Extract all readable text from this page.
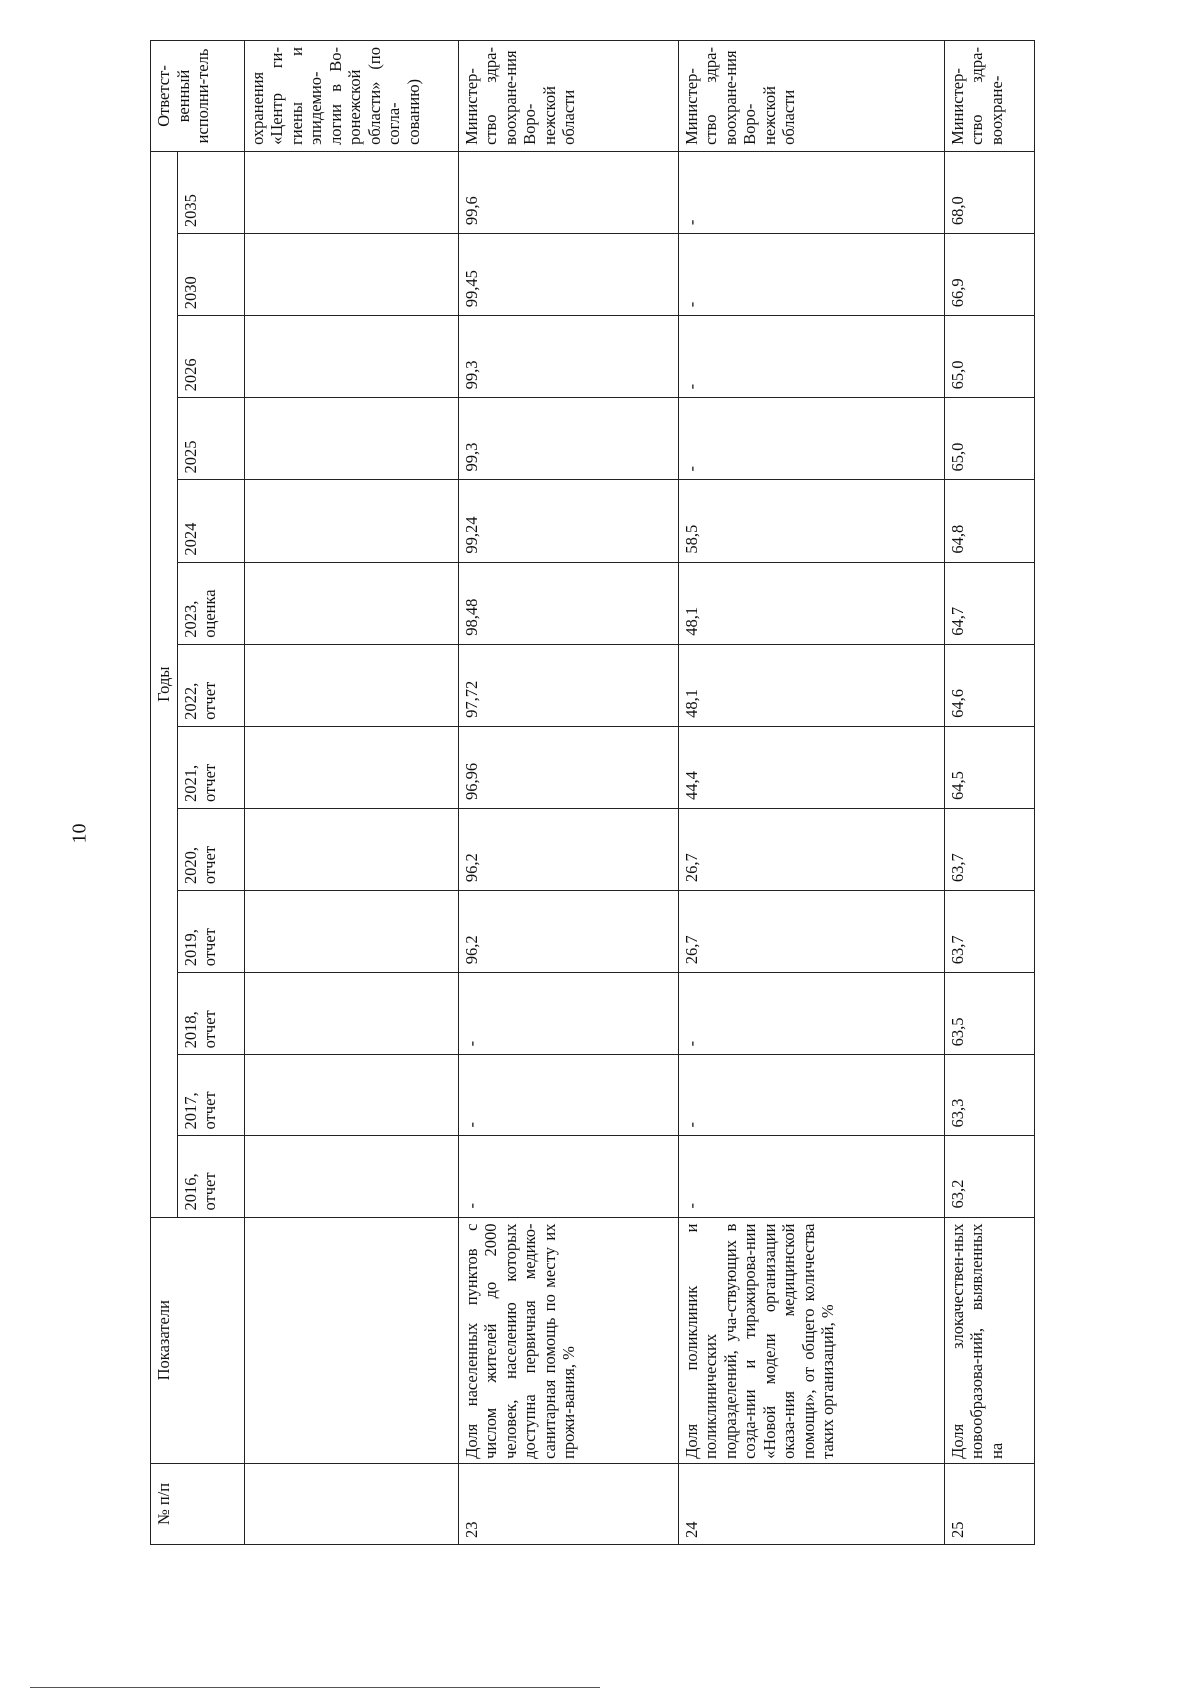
10
№ п/п	Показатели	Годы													Ответст-венный исполни-тель
		2016, отчет	2017, отчет	2018, отчет	2019, отчет	2020, отчет	2021, отчет	2022, отчет	2023, оценка	2024	2025	2026	2030	2035	
															охранения «Центр ги-гиены и эпидемио-логии в Во-ронежской области» (по согла-сованию)
23	Доля населенных пунктов с числом жителей до 2000 человек, населению которых доступна первичная медико-санитарная помощь по месту их прожи-вания, %	-	-	-	96,2	96,2	96,96	97,72	98,48	99,24	99,3	99,3	99,45	99,6	Министер-ство здра-воохране-ния Воро-нежской области
24	Доля поликлиник и поликлинических подразделений, уча-ствующих в созда-нии и тиражирова-нии «Новой модели организации оказа-ния медицинской помощи», от общего количества таких организаций, %	-	-	-	26,7	26,7	44,4	48,1	48,1	58,5	-	-	-	-	Министер-ство здра-воохране-ния Воро-нежской области
25	Доля злокачествен-ных новообразова-ний, выявленных на	63,2	63,3	63,5	63,7	63,7	64,5	64,6	64,7	64,8	65,0	65,0	66,9	68,0	Министер-ство здра-воохране-
